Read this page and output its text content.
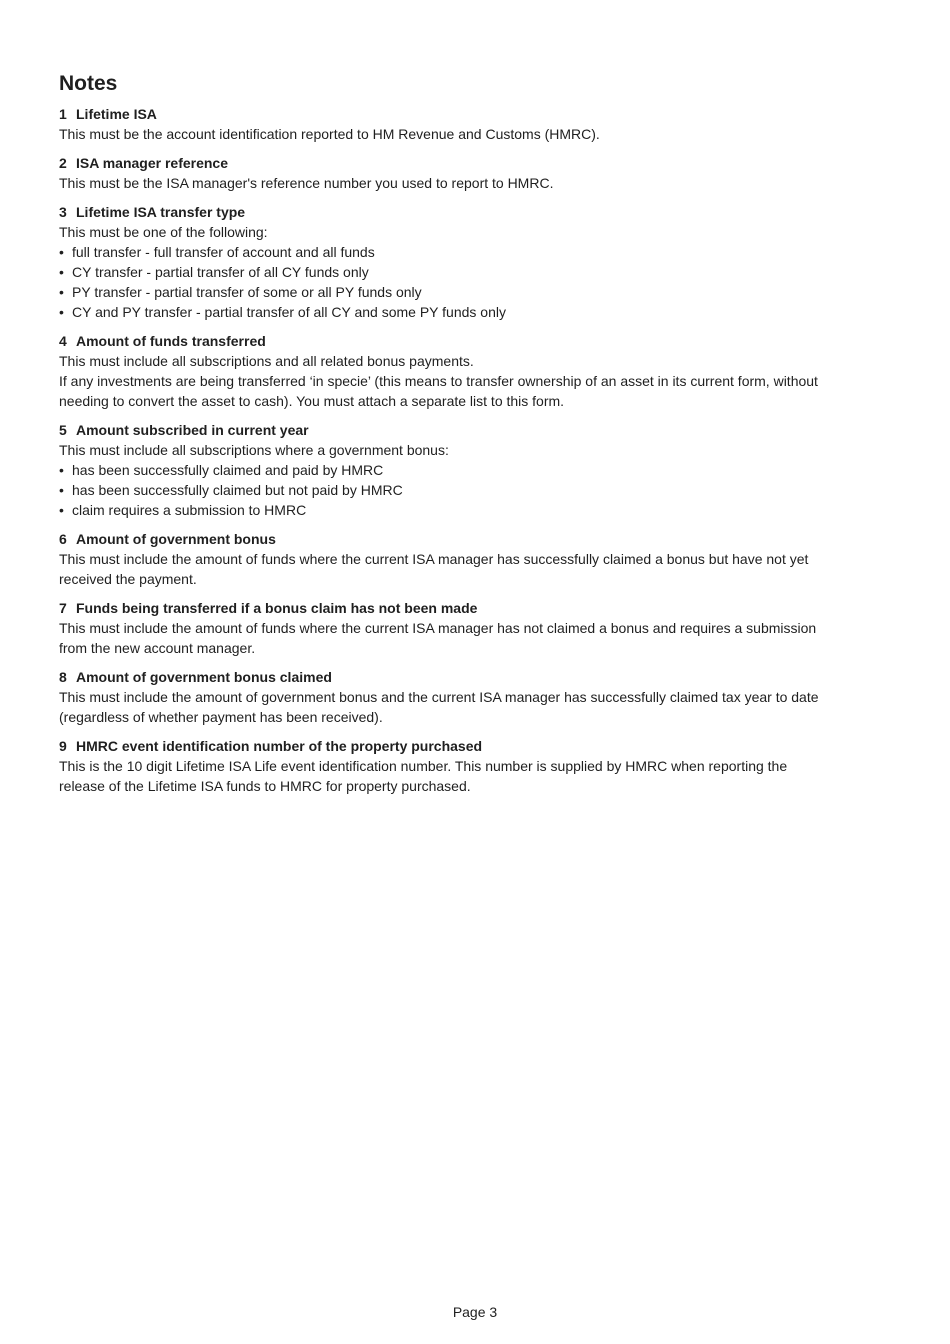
Notes
1 Lifetime ISA

This must be the account identification reported to HM Revenue and Customs (HMRC).

2 ISA manager reference

This must be the ISA manager's reference number you used to report to HMRC.

3 Lifetime ISA transfer type

This must be one of the following:

• full transfer - full transfer of account and all funds
• CY transfer - partial transfer of all CY funds only
• PY transfer - partial transfer of some or all PY funds only
• CY and PY transfer - partial transfer of all CY and some PY funds only
4 Amount of funds transferred

This must include all subscriptions and all related bonus payments.

If any investments are being transferred ‘in specie’ (this means to transfer ownership of an asset in its current form, without needing to convert the asset to cash). You must attach a separate list to this form.

5 Amount subscribed in current year

This must include all subscriptions where a government bonus:

• has been successfully claimed and paid by HMRC
• has been successfully claimed but not paid by HMRC
• claim requires a submission to HMRC
6 Amount of government bonus

This must include the amount of funds where the current ISA manager has successfully claimed a bonus but have not yet received the payment.

7 Funds being transferred if a bonus claim has not been made

This must include the amount of funds where the current ISA manager has not claimed a bonus and requires a submission from the new account manager.

8 Amount of government bonus claimed

This must include the amount of government bonus and the current ISA manager has successfully claimed tax year to date (regardless of whether payment has been received).

9 HMRC event identification number of the property purchased

This is the 10 digit Lifetime ISA Life event identification number. This number is supplied by HMRC when reporting the release of the Lifetime ISA funds to HMRC for property purchased.

Page 3
